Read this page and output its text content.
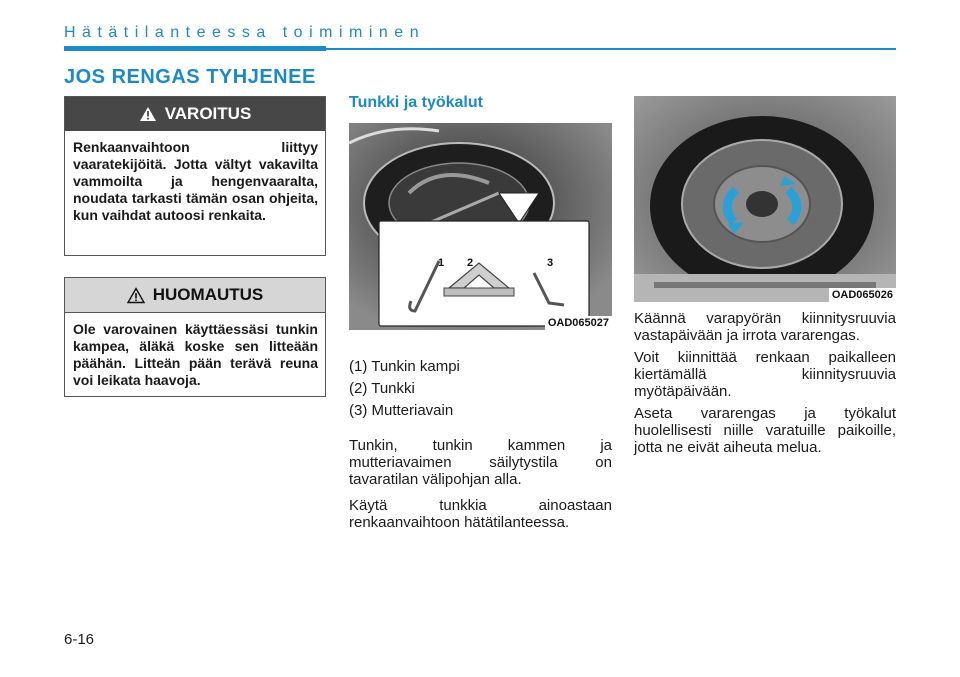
Hätätilanteessa toimiminen
JOS RENGAS TYHJENEE
VAROITUS
Renkaanvaihtoon liittyy vaaratekijöitä. Jotta vältyt vakavilta vammoilta ja hengenvaaralta, noudata tarkasti tämän osan ohjeita, kun vaihdat autoosi renkaita.
HUOMAUTUS
Ole varovainen käyttäessäsi tunkin kampea, äläkä koske sen litteään päähän. Litteän pään terävä reuna voi leikata haavoja.
Tunkki ja työkalut
1 2	3
OAD065027
(1) Tunkin kampi
(2) Tunkki
(3) Mutteriavain
Tunkin, tunkin kammen ja mutteriavaimen säilytystila on tavaratilan välipohjan alla.
Käytä tunkkia ainoastaan renkaanvaihtoon hätätilanteessa.
OAD065026
Käännä varapyörän kiinnitysruuvia vastapäivään ja irrota vararengas.
Voit kiinnittää renkaan paikalleen kiertämällä kiinnitysruuvia myötäpäivään.
Aseta vararengas ja työkalut huolellisesti niille varatuille paikoille, jotta ne eivät aiheuta melua.
6-16
